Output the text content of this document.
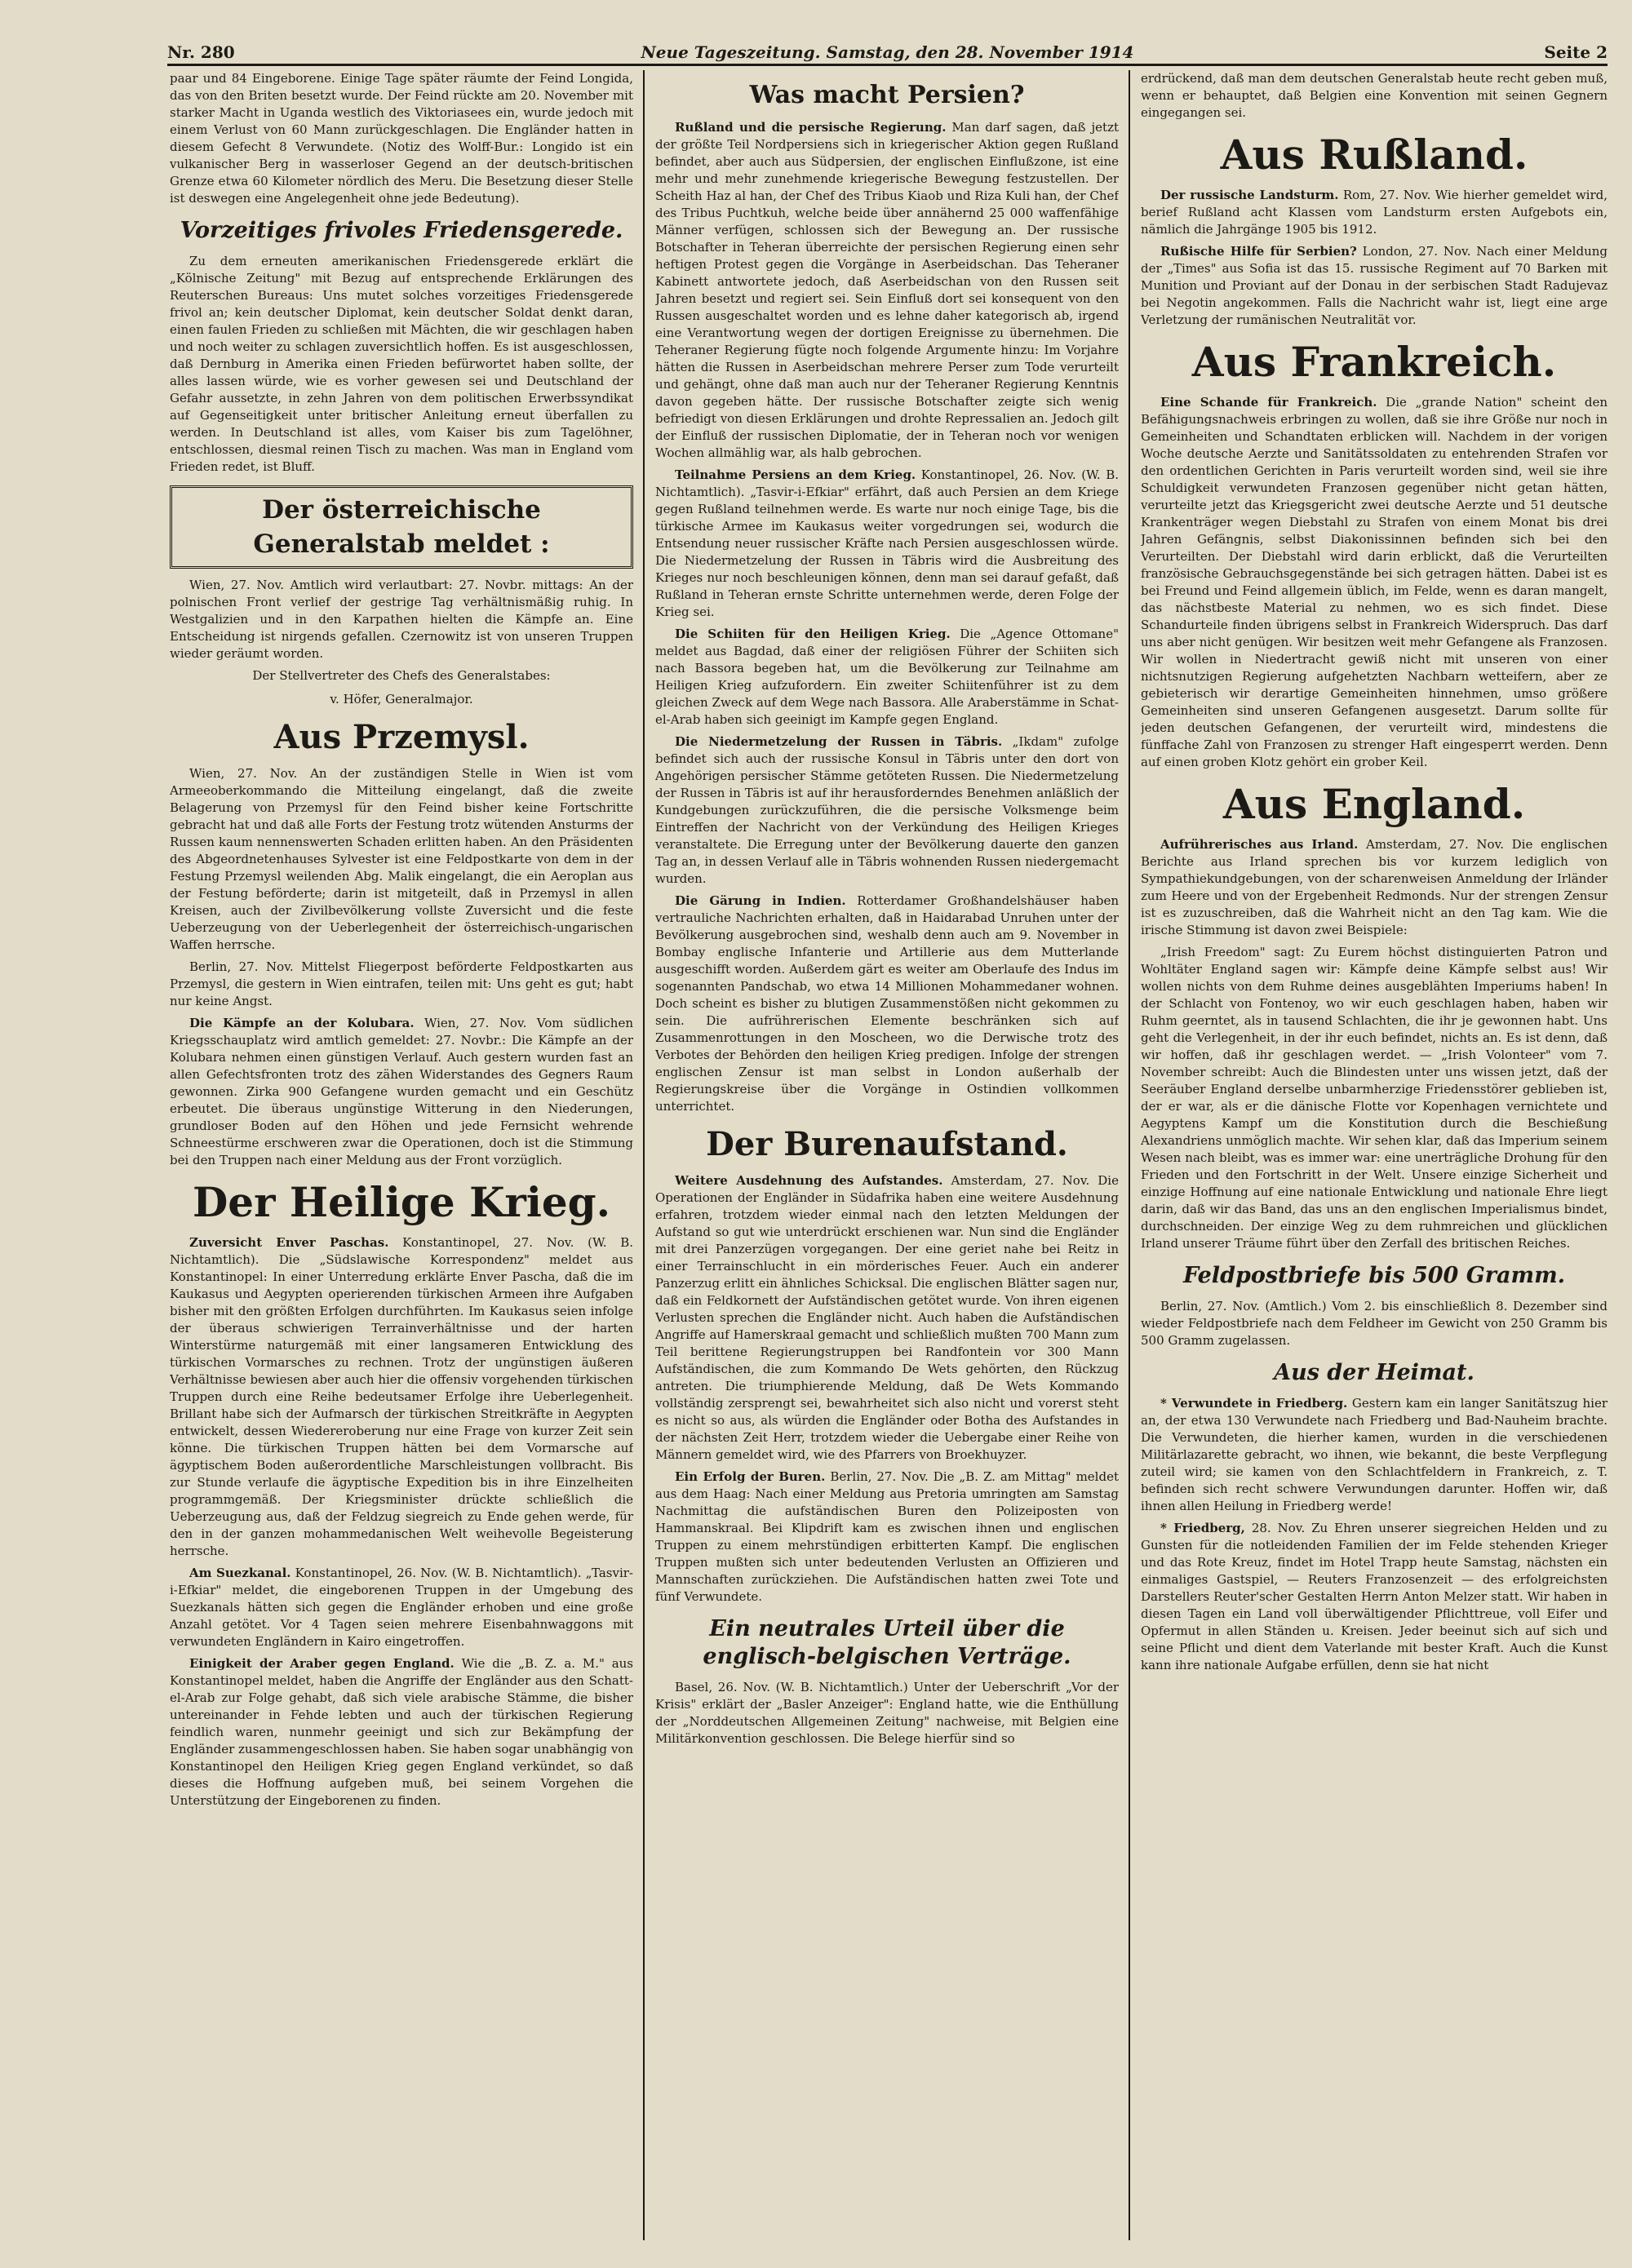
Nr. 280	Neue Tageszeitung. Samstag, den 28. November 1914	Seite 2

paar und 84 Eingeborene. Einige Tage später räumte der Feind Longida, das von den Briten besetzt wurde. Der Feind rückte am 20. November mit starker Macht in Uganda westlich des Viktoriasees ein, wurde jedoch mit einem Verlust von 60 Mann zurückgeschlagen. Die Engländer hatten in diesem Gefecht 8 Verwundete. (Notiz des Wolff-Bur.: Longido ist ein vulkanischer Berg in wasserloser Gegend an der deutsch-britischen Grenze etwa 60 Kilometer nördlich des Meru. Die Besetzung dieser Stelle ist deswegen eine Angelegenheit ohne jede Bedeutung).

Vorzeitiges frivoles Friedensgerede.

Zu dem erneuten amerikanischen Friedensgerede erklärt die „Kölnische Zeitung" mit Bezug auf entsprechende Erklärungen des Reuterschen Bureaus: Uns mutet solches vorzeitiges Friedensgerede frivol an; kein deutscher Diplomat, kein deutscher Soldat denkt daran, einen faulen Frieden zu schließen mit Mächten, die wir geschlagen haben und noch weiter zu schlagen zuversichtlich hoffen. Es ist ausgeschlossen, daß Dernburg in Amerika einen Frieden befürwortet haben sollte, der alles lassen würde, wie es vorher gewesen sei und Deutschland der Gefahr aussetzte, in zehn Jahren von dem politischen Erwerbssyndikat auf Gegenseitigkeit unter britischer Anleitung erneut überfallen zu werden. In Deutschland ist alles, vom Kaiser bis zum Tagelöhner, entschlossen, diesmal reinen Tisch zu machen. Was man in England vom Frieden redet, ist Bluff.

Der österreichische Generalstab meldet :

Wien, 27. Nov. Amtlich wird verlautbart: 27. Novbr. mittags: An der polnischen Front verlief der gestrige Tag verhältnismäßig ruhig. In Westgalizien und in den Karpathen hielten die Kämpfe an. Eine Entscheidung ist nirgends gefallen. Czernowitz ist von unseren Truppen wieder geräumt worden.

Der Stellvertreter des Chefs des Generalstabes:
v. Höfer, Generalmajor.
Aus Przemysl.

Wien, 27. Nov. An der zuständigen Stelle in Wien ist vom Armeeoberkommando die Mitteilung eingelangt, daß die zweite Belagerung von Przemysl für den Feind bisher keine Fortschritte gebracht hat und daß alle Forts der Festung trotz wütenden Ansturms der Russen kaum nennenswerten Schaden erlitten haben. An den Präsidenten des Abgeordnetenhauses Sylvester ist eine Feldpostkarte von dem in der Festung Przemysl weilenden Abg. Malik eingelangt, die ein Aeroplan aus der Festung beförderte; darin ist mitgeteilt, daß in Przemysl in allen Kreisen, auch der Zivilbevölkerung vollste Zuversicht und die feste Ueberzeugung von der Ueberlegenheit der österreichisch-ungarischen Waffen herrsche.

Berlin, 27. Nov. Mittelst Fliegerpost beförderte Feldpostkarten aus Przemysl, die gestern in Wien eintrafen, teilen mit: Uns geht es gut; habt nur keine Angst.

Die Kämpfe an der Kolubara. Wien, 27. Nov. Vom südlichen Kriegsschauplatz wird amtlich gemeldet: 27. Novbr.: Die Kämpfe an der Kolubara nehmen einen günstigen Verlauf. Auch gestern wurden fast an allen Gefechtsfronten trotz des zähen Widerstandes des Gegners Raum gewonnen. Zirka 900 Gefangene wurden gemacht und ein Geschütz erbeutet. Die überaus ungünstige Witterung in den Niederungen, grundloser Boden auf den Höhen und jede Fernsicht wehrende Schneestürme erschweren zwar die Operationen, doch ist die Stimmung bei den Truppen nach einer Meldung aus der Front vorzüglich.

Der Heilige Krieg.

Zuversicht Enver Paschas. Konstantinopel, 27. Nov. (W. B. Nichtamtlich). Die „Südslawische Korrespondenz" meldet aus Konstantinopel: In einer Unterredung erklärte Enver Pascha, daß die im Kaukasus und Aegypten operierenden türkischen Armeen ihre Aufgaben bisher mit den größten Erfolgen durchführten. Im Kaukasus seien infolge der überaus schwierigen Terrainverhältnisse und der harten Winterstürme naturgemäß mit einer langsameren Entwicklung des türkischen Vormarsches zu rechnen. Trotz der ungünstigen äußeren Verhältnisse bewiesen aber auch hier die offensiv vorgehenden türkischen Truppen durch eine Reihe bedeutsamer Erfolge ihre Ueberlegenheit. Brillant habe sich der Aufmarsch der türkischen Streitkräfte in Aegypten entwickelt, dessen Wiedereroberung nur eine Frage von kurzer Zeit sein könne. Die türkischen Truppen hätten bei dem Vormarsche auf ägyptischem Boden außerordentliche Marschleistungen vollbracht. Bis zur Stunde verlaufe die ägyptische Expedition bis in ihre Einzelheiten programmgemäß. Der Kriegsminister drückte schließlich die Ueberzeugung aus, daß der Feldzug siegreich zu Ende gehen werde, für den in der ganzen mohammedanischen Welt weihevolle Begeisterung herrsche.

Am Suezkanal. Konstantinopel, 26. Nov. (W. B. Nichtamtlich). „Tasvir-i-Efkiar" meldet, die eingeborenen Truppen in der Umgebung des Suezkanals hätten sich gegen die Engländer erhoben und eine große Anzahl getötet. Vor 4 Tagen seien mehrere Eisenbahnwaggons mit verwundeten Engländern in Kairo eingetroffen.

Einigkeit der Araber gegen England. Wie die „B. Z. a. M." aus Konstantinopel meldet, haben die Angriffe der Engländer aus den Schatt-el-Arab zur Folge gehabt, daß sich viele arabische Stämme, die bisher untereinander in Fehde lebten und auch der türkischen Regierung feindlich waren, nunmehr geeinigt und sich zur Bekämpfung der Engländer zusammengeschlossen haben. Sie haben sogar unabhängig von Konstantinopel den Heiligen Krieg gegen England verkündet, so daß dieses die Hoffnung aufgeben muß, bei seinem Vorgehen die Unterstützung der Eingeborenen zu finden.

Was macht Persien?

Rußland und die persische Regierung. Man darf sagen, daß jetzt der größte Teil Nordpersiens sich in kriegerischer Aktion gegen Rußland befindet, aber auch aus Südpersien, der englischen Einflußzone, ist eine mehr und mehr zunehmende kriegerische Bewegung festzustellen. Der Scheith Haz al han, der Chef des Tribus Kiaob und Riza Kuli han, der Chef des Tribus Puchtkuh, welche beide über annähernd 25 000 waffenfähige Männer verfügen, schlossen sich der Bewegung an. Der russische Botschafter in Teheran überreichte der persischen Regierung einen sehr heftigen Protest gegen die Vorgänge in Aserbeidschan. Das Teheraner Kabinett antwortete jedoch, daß Aserbeidschan von den Russen seit Jahren besetzt und regiert sei. Sein Einfluß dort sei konsequent von den Russen ausgeschaltet worden und es lehne daher kategorisch ab, irgend eine Verantwortung wegen der dortigen Ereignisse zu übernehmen. Die Teheraner Regierung fügte noch folgende Argumente hinzu: Im Vorjahre hätten die Russen in Aserbeidschan mehrere Perser zum Tode verurteilt und gehängt, ohne daß man auch nur der Teheraner Regierung Kenntnis davon gegeben hätte. Der russische Botschafter zeigte sich wenig befriedigt von diesen Erklärungen und drohte Repressalien an. Jedoch gilt der Einfluß der russischen Diplomatie, der in Teheran noch vor wenigen Wochen allmählig war, als halb gebrochen.

Teilnahme Persiens an dem Krieg. Konstantinopel, 26. Nov. (W. B. Nichtamtlich). „Tasvir-i-Efkiar" erfährt, daß auch Persien an dem Kriege gegen Rußland teilnehmen werde. Es warte nur noch einige Tage, bis die türkische Armee im Kaukasus weiter vorgedrungen sei, wodurch die Entsendung neuer russischer Kräfte nach Persien ausgeschlossen würde. Die Niedermetzelung der Russen in Täbris wird die Ausbreitung des Krieges nur noch beschleunigen können, denn man sei darauf gefaßt, daß Rußland in Teheran ernste Schritte unternehmen werde, deren Folge der Krieg sei.

Die Schiiten für den Heiligen Krieg. Die „Agence Ottomane" meldet aus Bagdad, daß einer der religiösen Führer der Schiiten sich nach Bassora begeben hat, um die Bevölkerung zur Teilnahme am Heiligen Krieg aufzufordern. Ein zweiter Schiitenführer ist zu dem gleichen Zweck auf dem Wege nach Bassora. Alle Araberstämme in Schat-el-Arab haben sich geeinigt im Kampfe gegen England.

Die Niedermetzelung der Russen in Täbris. „Ikdam" zufolge befindet sich auch der russische Konsul in Täbris unter den dort von Angehörigen persischer Stämme getöteten Russen. Die Niedermetzelung der Russen in Täbris ist auf ihr herausforderndes Benehmen anläßlich der Kundgebungen zurückzuführen, die die persische Volksmenge beim Eintreffen der Nachricht von der Verkündung des Heiligen Krieges veranstaltete. Die Erregung unter der Bevölkerung dauerte den ganzen Tag an, in dessen Verlauf alle in Täbris wohnenden Russen niedergemacht wurden.

Die Gärung in Indien. Rotterdamer Großhandelshäuser haben vertrauliche Nachrichten erhalten, daß in Haidarabad Unruhen unter der Bevölkerung ausgebrochen sind, weshalb denn auch am 9. November in Bombay englische Infanterie und Artillerie aus dem Mutterlande ausgeschifft worden. Außerdem gärt es weiter am Oberlaufe des Indus im sogenannten Pandschab, wo etwa 14 Millionen Mohammedaner wohnen. Doch scheint es bisher zu blutigen Zusammenstößen nicht gekommen zu sein. Die aufrührerischen Elemente beschränken sich auf Zusammenrottungen in den Moscheen, wo die Derwische trotz des Verbotes der Behörden den heiligen Krieg predigen. Infolge der strengen englischen Zensur ist man selbst in London außerhalb der Regierungskreise über die Vorgänge in Ostindien vollkommen unterrichtet.

Der Burenaufstand.

Weitere Ausdehnung des Aufstandes. Amsterdam, 27. Nov. Die Operationen der Engländer in Südafrika haben eine weitere Ausdehnung erfahren, trotzdem wieder einmal nach den letzten Meldungen der Aufstand so gut wie unterdrückt erschienen war. Nun sind die Engländer mit drei Panzerzügen vorgegangen. Der eine geriet nahe bei Reitz in einer Terrainschlucht in ein mörderisches Feuer. Auch ein anderer Panzerzug erlitt ein ähnliches Schicksal. Die englischen Blätter sagen nur, daß ein Feldkornett der Aufständischen getötet wurde. Von ihren eigenen Verlusten sprechen die Engländer nicht. Auch haben die Aufständischen Angriffe auf Hamerskraal gemacht und schließlich mußten 700 Mann zum Teil berittene Regierungstruppen bei Randfontein vor 300 Mann Aufständischen, die zum Kommando De Wets gehörten, den Rückzug antreten. Die triumphierende Meldung, daß De Wets Kommando vollständig zersprengt sei, bewahrheitet sich also nicht und vorerst steht es nicht so aus, als würden die Engländer oder Botha des Aufstandes in der nächsten Zeit Herr, trotzdem wieder die Uebergabe einer Reihe von Männern gemeldet wird, wie des Pfarrers von Broekhuyzer.

Ein Erfolg der Buren. Berlin, 27. Nov. Die „B. Z. am Mittag" meldet aus dem Haag: Nach einer Meldung aus Pretoria umringten am Samstag Nachmittag die aufständischen Buren den Polizeiposten von Hammanskraal. Bei Klipdrift kam es zwischen ihnen und englischen Truppen zu einem mehrstündigen erbitterten Kampf. Die englischen Truppen mußten sich unter bedeutenden Verlusten an Offizieren und Mannschaften zurückziehen. Die Aufständischen hatten zwei Tote und fünf Verwundete.

Ein neutrales Urteil über die englisch-belgischen Verträge.

Basel, 26. Nov. (W. B. Nichtamtlich.) Unter der Ueberschrift „Vor der Krisis" erklärt der „Basler Anzeiger": England hatte, wie die Enthüllung der „Norddeutschen Allgemeinen Zeitung" nachweise, mit Belgien eine Militärkonvention geschlossen. Die Belege hierfür sind so

erdrückend, daß man dem deutschen Generalstab heute recht geben muß, wenn er behauptet, daß Belgien eine Konvention mit seinen Gegnern eingegangen sei.

Aus Rußland.

Der russische Landsturm. Rom, 27. Nov. Wie hierher gemeldet wird, berief Rußland acht Klassen vom Landsturm ersten Aufgebots ein, nämlich die Jahrgänge 1905 bis 1912.

Rußische Hilfe für Serbien? London, 27. Nov. Nach einer Meldung der „Times" aus Sofia ist das 15. russische Regiment auf 70 Barken mit Munition und Proviant auf der Donau in der serbischen Stadt Radujevaz bei Negotin angekommen. Falls die Nachricht wahr ist, liegt eine arge Verletzung der rumänischen Neutralität vor.

Aus Frankreich.

Eine Schande für Frankreich. Die „grande Nation" scheint den Befähigungsnachweis erbringen zu wollen, daß sie ihre Größe nur noch in Gemeinheiten und Schandtaten erblicken will. Nachdem in der vorigen Woche deutsche Aerzte und Sanitätssoldaten zu entehrenden Strafen vor den ordentlichen Gerichten in Paris verurteilt worden sind, weil sie ihre Schuldigkeit verwundeten Franzosen gegenüber nicht getan hätten, verurteilte jetzt das Kriegsgericht zwei deutsche Aerzte und 51 deutsche Krankenträger wegen Diebstahl zu Strafen von einem Monat bis drei Jahren Gefängnis, selbst Diakonissinnen befinden sich bei den Verurteilten. Der Diebstahl wird darin erblickt, daß die Verurteilten französische Gebrauchsgegenstände bei sich getragen hätten. Dabei ist es bei Freund und Feind allgemein üblich, im Felde, wenn es daran mangelt, das nächstbeste Material zu nehmen, wo es sich findet. Diese Schandurteile finden übrigens selbst in Frankreich Widerspruch. Das darf uns aber nicht genügen. Wir besitzen weit mehr Gefangene als Franzosen. Wir wollen in Niedertracht gewiß nicht mit unseren von einer nichtsnutzigen Regierung aufgehetzten Nachbarn wetteifern, aber ze gebieterisch wir derartige Gemeinheiten hinnehmen, umso größere Gemeinheiten sind unseren Gefangenen ausgesetzt. Darum sollte für jeden deutschen Gefangenen, der verurteilt wird, mindestens die fünffache Zahl von Franzosen zu strenger Haft eingesperrt werden. Denn auf einen groben Klotz gehört ein grober Keil.

Aus England.

Aufrührerisches aus Irland. Amsterdam, 27. Nov. Die englischen Berichte aus Irland sprechen bis vor kurzem lediglich von Sympathiekundgebungen, von der scharenweisen Anmeldung der Irländer zum Heere und von der Ergebenheit Redmonds. Nur der strengen Zensur ist es zuzuschreiben, daß die Wahrheit nicht an den Tag kam. Wie die irische Stimmung ist davon zwei Beispiele:

„Irish Freedom" sagt: Zu Eurem höchst distinguierten Patron und Wohltäter England sagen wir: Kämpfe deine Kämpfe selbst aus! Wir wollen nichts von dem Ruhme deines ausgeblähten Imperiums haben! In der Schlacht von Fontenoy, wo wir euch geschlagen haben, haben wir Ruhm geerntet, als in tausend Schlachten, die ihr je gewonnen habt. Uns geht die Verlegenheit, in der ihr euch befindet, nichts an. Es ist denn, daß wir hoffen, daß ihr geschlagen werdet. — „Irish Volonteer" vom 7. November schreibt: Auch die Blindesten unter uns wissen jetzt, daß der Seeräuber England derselbe unbarmherzige Friedensstörer geblieben ist, der er war, als er die dänische Flotte vor Kopenhagen vernichtete und Aegyptens Kampf um die Konstitution durch die Beschießung Alexandriens unmöglich machte. Wir sehen klar, daß das Imperium seinem Wesen nach bleibt, was es immer war: eine unerträgliche Drohung für den Frieden und den Fortschritt in der Welt. Unsere einzige Sicherheit und einzige Hoffnung auf eine nationale Entwicklung und nationale Ehre liegt darin, daß wir das Band, das uns an den englischen Imperialismus bindet, durchschneiden. Der einzige Weg zu dem ruhmreichen und glücklichen Irland unserer Träume führt über den Zerfall des britischen Reiches.

Feldpostbriefe bis 500 Gramm.

Berlin, 27. Nov. (Amtlich.) Vom 2. bis einschließlich 8. Dezember sind wieder Feldpostbriefe nach dem Feldheer im Gewicht von 250 Gramm bis 500 Gramm zugelassen.

Aus der Heimat.

* Verwundete in Friedberg. Gestern kam ein langer Sanitätszug hier an, der etwa 130 Verwundete nach Friedberg und Bad-Nauheim brachte. Die Verwundeten, die hierher kamen, wurden in die verschiedenen Militärlazarette gebracht, wo ihnen, wie bekannt, die beste Verpflegung zuteil wird; sie kamen von den Schlachtfeldern in Frankreich, z. T. befinden sich recht schwere Verwundungen darunter. Hoffen wir, daß ihnen allen Heilung in Friedberg werde!

* Friedberg, 28. Nov. Zu Ehren unserer siegreichen Helden und zu Gunsten für die notleidenden Familien der im Felde stehenden Krieger und das Rote Kreuz, findet im Hotel Trapp heute Samstag, nächsten ein einmaliges Gastspiel, — Reuters Franzosenzeit — des erfolgreichsten Darstellers Reuter'scher Gestalten Herrn Anton Melzer statt. Wir haben in diesen Tagen ein Land voll überwältigender Pflichttreue, voll Eifer und Opfermut in allen Ständen u. Kreisen. Jeder beeinut sich auf sich und seine Pflicht und dient dem Vaterlande mit bester Kraft. Auch die Kunst kann ihre nationale Aufgabe erfüllen, denn sie hat nicht
